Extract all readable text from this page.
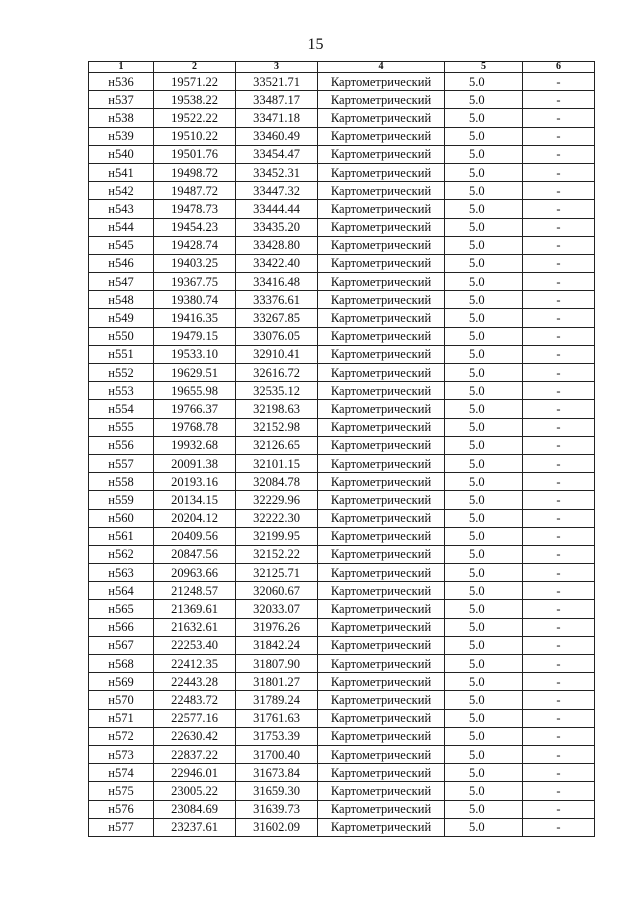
15
1	2	3	4	5	6
н536	19571.22	33521.71	Картометрический	5.0	-
н537	19538.22	33487.17	Картометрический	5.0	-
н538	19522.22	33471.18	Картометрический	5.0	-
н539	19510.22	33460.49	Картометрический	5.0	-
н540	19501.76	33454.47	Картометрический	5.0	-
н541	19498.72	33452.31	Картометрический	5.0	-
н542	19487.72	33447.32	Картометрический	5.0	-
н543	19478.73	33444.44	Картометрический	5.0	-
н544	19454.23	33435.20	Картометрический	5.0	-
н545	19428.74	33428.80	Картометрический	5.0	-
н546	19403.25	33422.40	Картометрический	5.0	-
н547	19367.75	33416.48	Картометрический	5.0	-
н548	19380.74	33376.61	Картометрический	5.0	-
н549	19416.35	33267.85	Картометрический	5.0	-
н550	19479.15	33076.05	Картометрический	5.0	-
н551	19533.10	32910.41	Картометрический	5.0	-
н552	19629.51	32616.72	Картометрический	5.0	-
н553	19655.98	32535.12	Картометрический	5.0	-
н554	19766.37	32198.63	Картометрический	5.0	-
н555	19768.78	32152.98	Картометрический	5.0	-
н556	19932.68	32126.65	Картометрический	5.0	-
н557	20091.38	32101.15	Картометрический	5.0	-
н558	20193.16	32084.78	Картометрический	5.0	-
н559	20134.15	32229.96	Картометрический	5.0	-
н560	20204.12	32222.30	Картометрический	5.0	-
н561	20409.56	32199.95	Картометрический	5.0	-
н562	20847.56	32152.22	Картометрический	5.0	-
н563	20963.66	32125.71	Картометрический	5.0	-
н564	21248.57	32060.67	Картометрический	5.0	-
н565	21369.61	32033.07	Картометрический	5.0	-
н566	21632.61	31976.26	Картометрический	5.0	-
н567	22253.40	31842.24	Картометрический	5.0	-
н568	22412.35	31807.90	Картометрический	5.0	-
н569	22443.28	31801.27	Картометрический	5.0	-
н570	22483.72	31789.24	Картометрический	5.0	-
н571	22577.16	31761.63	Картометрический	5.0	-
н572	22630.42	31753.39	Картометрический	5.0	-
н573	22837.22	31700.40	Картометрический	5.0	-
н574	22946.01	31673.84	Картометрический	5.0	-
н575	23005.22	31659.30	Картометрический	5.0	-
н576	23084.69	31639.73	Картометрический	5.0	-
н577	23237.61	31602.09	Картометрический	5.0	-
